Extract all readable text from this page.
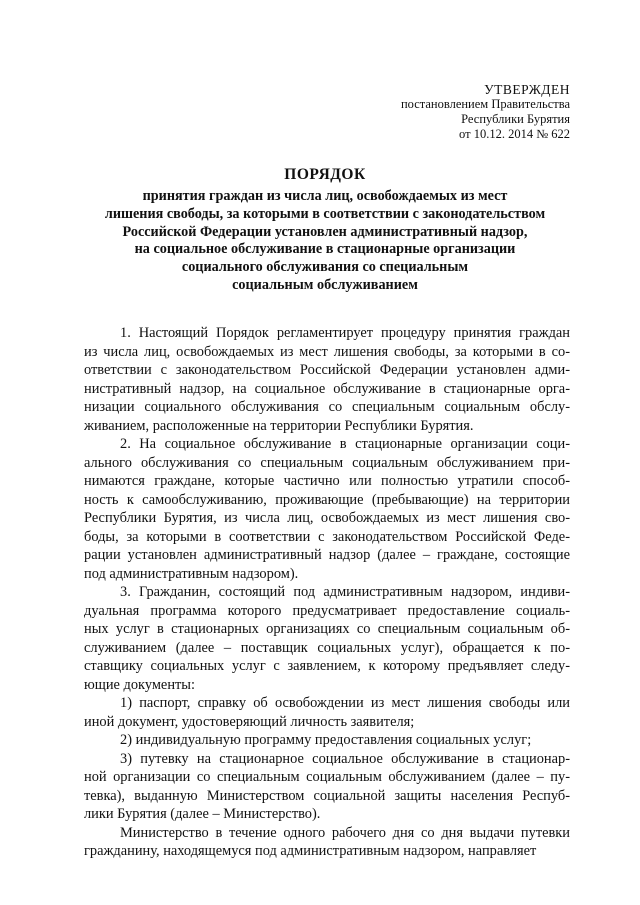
УТВЕРЖДЕН
постановлением Правительства
Республики Бурятия
от 10.12. 2014 № 622
ПОРЯДОК
принятия граждан из числа лиц, освобождаемых из мест
лишения свободы, за которыми в соответствии с законодательством
Российской Федерации установлен административный надзор,
на социальное обслуживание в стационарные организации
социального обслуживания со специальным
социальным обслуживанием
1. Настоящий Порядок регламентирует процедуру принятия граждан
из числа лиц, освобождаемых из мест лишения свободы, за которыми в со-
ответствии с законодательством Российской Федерации установлен адми-
нистративный надзор, на социальное обслуживание в стационарные орга-
низации социального обслуживания со специальным социальным обслу-
живанием, расположенные на территории Республики Бурятия.
2. На социальное обслуживание в стационарные организации соци-
ального обслуживания со специальным социальным обслуживанием при-
нимаются граждане, которые частично или полностью утратили способ-
ность к самообслуживанию, проживающие (пребывающие) на территории
Республики Бурятия, из числа лиц, освобождаемых из мест лишения сво-
боды, за которыми в соответствии с законодательством Российской Феде-
рации установлен административный надзор (далее – граждане, состоящие
под административным надзором).
3. Гражданин, состоящий под административным надзором, индиви-
дуальная программа которого предусматривает предоставление социаль-
ных услуг в стационарных организациях со специальным социальным об-
служиванием (далее – поставщик социальных услуг), обращается к по-
ставщику социальных услуг с заявлением, к которому предъявляет следу-
ющие документы:
1) паспорт, справку об освобождении из мест лишения свободы или
иной документ, удостоверяющий личность заявителя;
2) индивидуальную программу предоставления социальных услуг;
3) путевку на стационарное социальное обслуживание в стационар-
ной организации со специальным социальным обслуживанием (далее – пу-
тевка), выданную Министерством социальной защиты населения Респуб-
лики Бурятия (далее – Министерство).
Министерство в течение одного рабочего дня со дня выдачи путевки
гражданину, находящемуся под административным надзором, направляет
